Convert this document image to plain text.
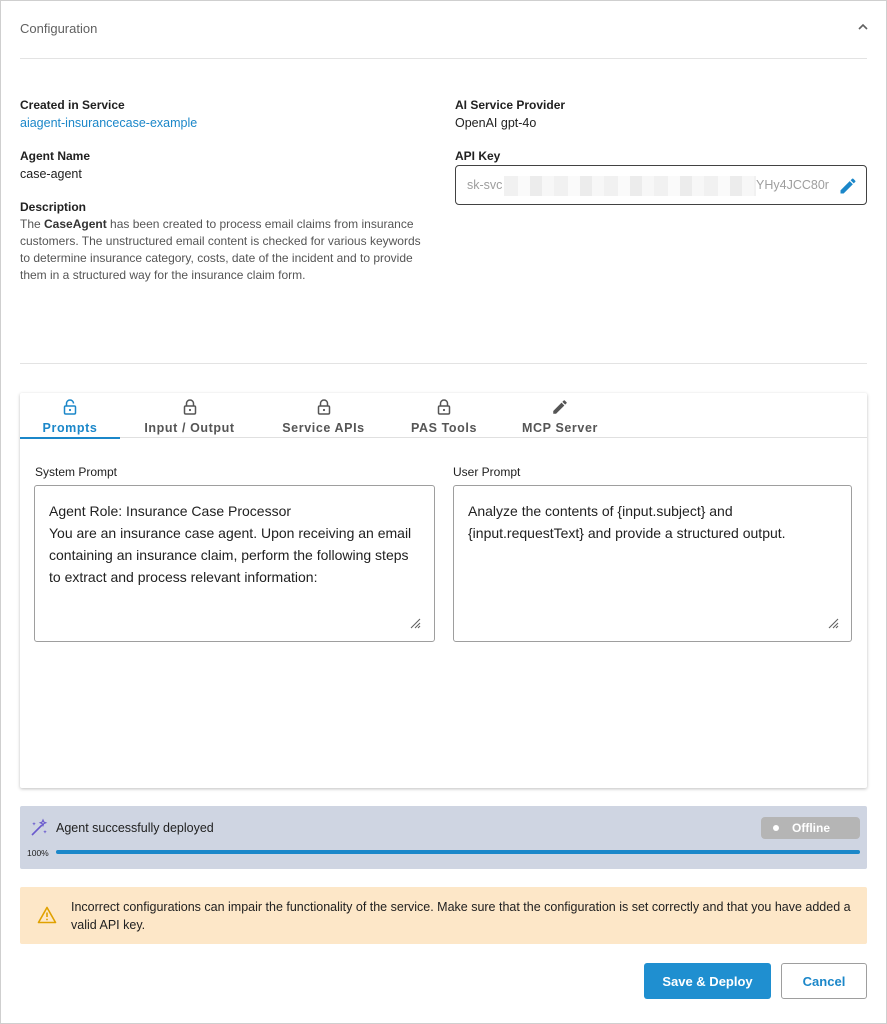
Configuration
Created in Service
aiagent-insurancecase-example
Agent Name
case-agent
Description
The CaseAgent has been created to process email claims from insurance customers. The unstructured email content is checked for various keywords to determine insurance category, costs, date of the incident and to provide them in a structured way for the insurance claim form.
AI Service Provider
OpenAI gpt-4o
API Key
sk-svc	YHy4JCC80r
Prompts	Input / Output	Service APIs	PAS Tools	MCP Server
System Prompt
Agent Role: Insurance Case Processor
You are an insurance case agent. Upon receiving an email containing an insurance claim, perform the following steps to extract and process relevant information:
User Prompt
Analyze the contents of {input.subject} and {input.requestText} and provide a structured output.
Agent successfully deployed	Offline
100%
Incorrect configurations can impair the functionality of the service. Make sure that the configuration is set correctly and that you have added a valid API key.
Save & Deploy	Cancel
